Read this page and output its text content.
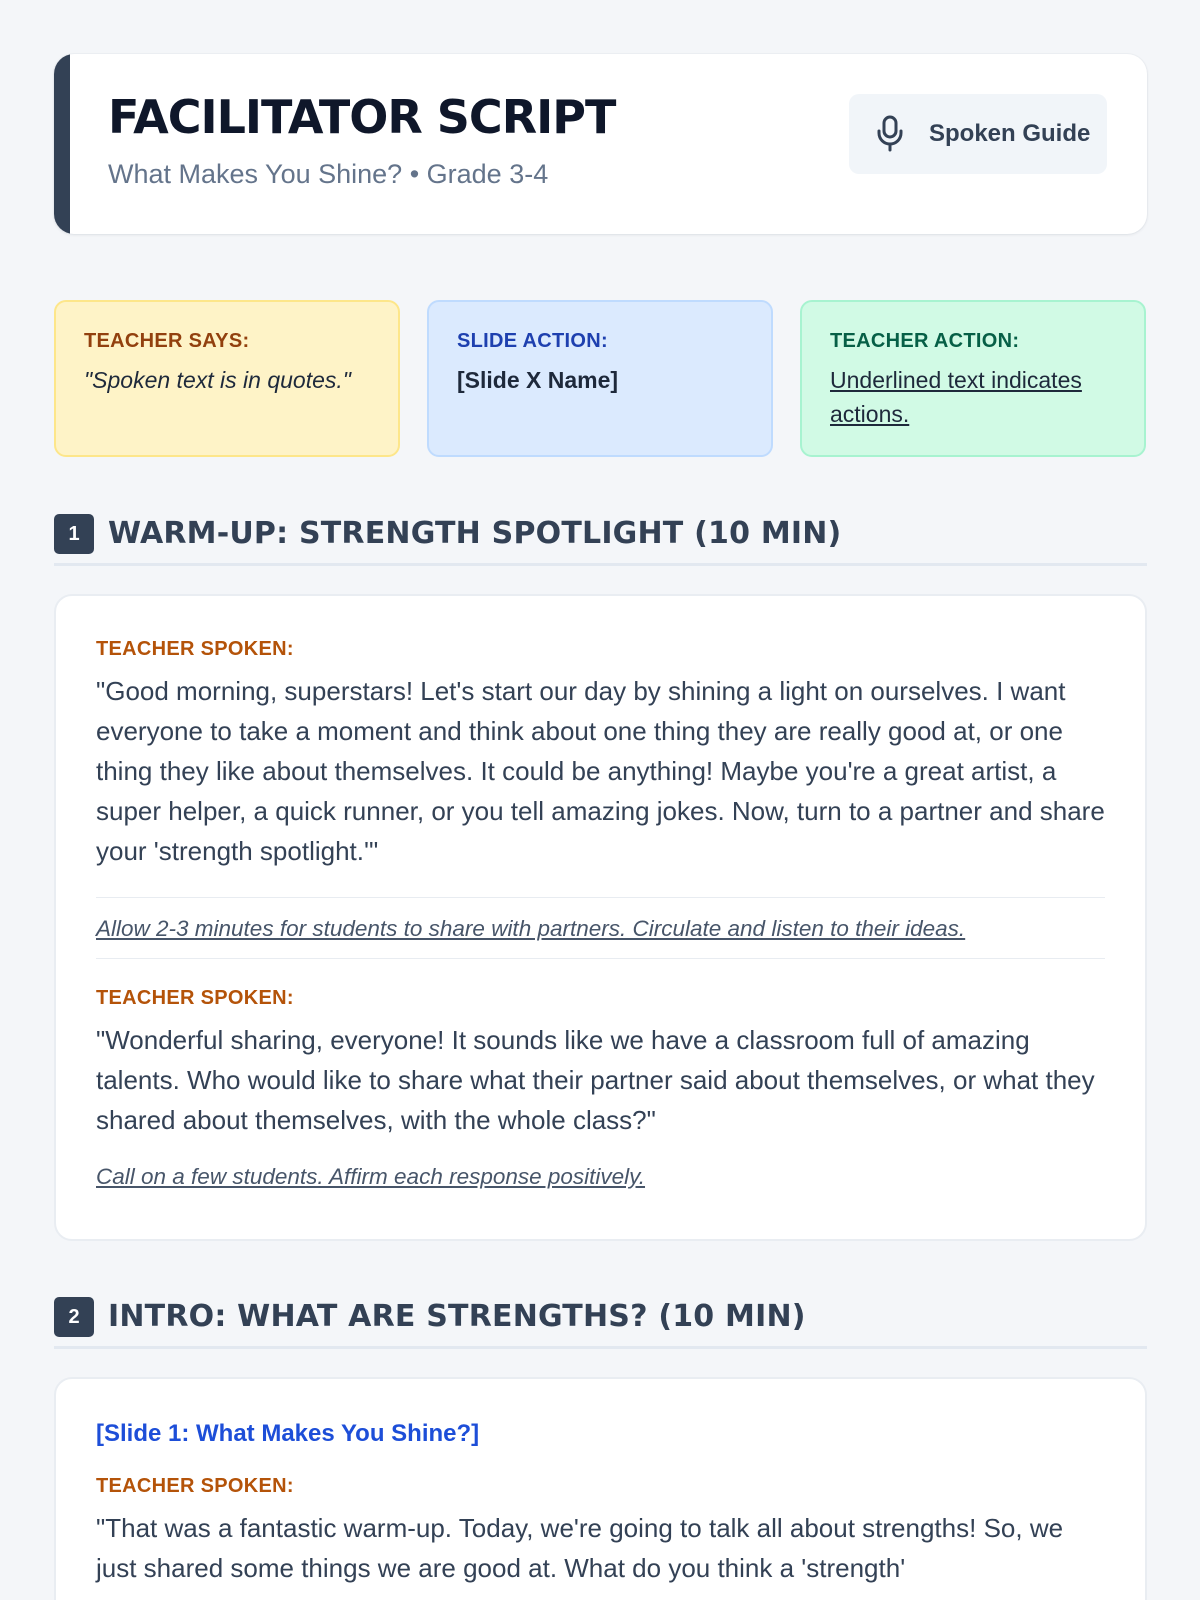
FACILITATOR SCRIPT
What Makes You Shine? • Grade 3-4
Spoken Guide
TEACHER SAYS:
"Spoken text is in quotes."
SLIDE ACTION:
[Slide X Name]
TEACHER ACTION:
Underlined text indicates actions.
1 WARM-UP: STRENGTH SPOTLIGHT (10 MIN)
TEACHER SPOKEN:
"Good morning, superstars! Let's start our day by shining a light on ourselves. I want everyone to take a moment and think about one thing they are really good at, or one thing they like about themselves. It could be anything! Maybe you're a great artist, a super helper, a quick runner, or you tell amazing jokes. Now, turn to a partner and share your 'strength spotlight.'"
Allow 2-3 minutes for students to share with partners. Circulate and listen to their ideas.
TEACHER SPOKEN:
"Wonderful sharing, everyone! It sounds like we have a classroom full of amazing talents. Who would like to share what their partner said about themselves, or what they shared about themselves, with the whole class?"
Call on a few students. Affirm each response positively.
2 INTRO: WHAT ARE STRENGTHS? (10 MIN)
[Slide 1: What Makes You Shine?]
TEACHER SPOKEN:
"That was a fantastic warm-up. Today, we're going to talk all about strengths! So, we just shared some things we are good at. What do you think a 'strength'
